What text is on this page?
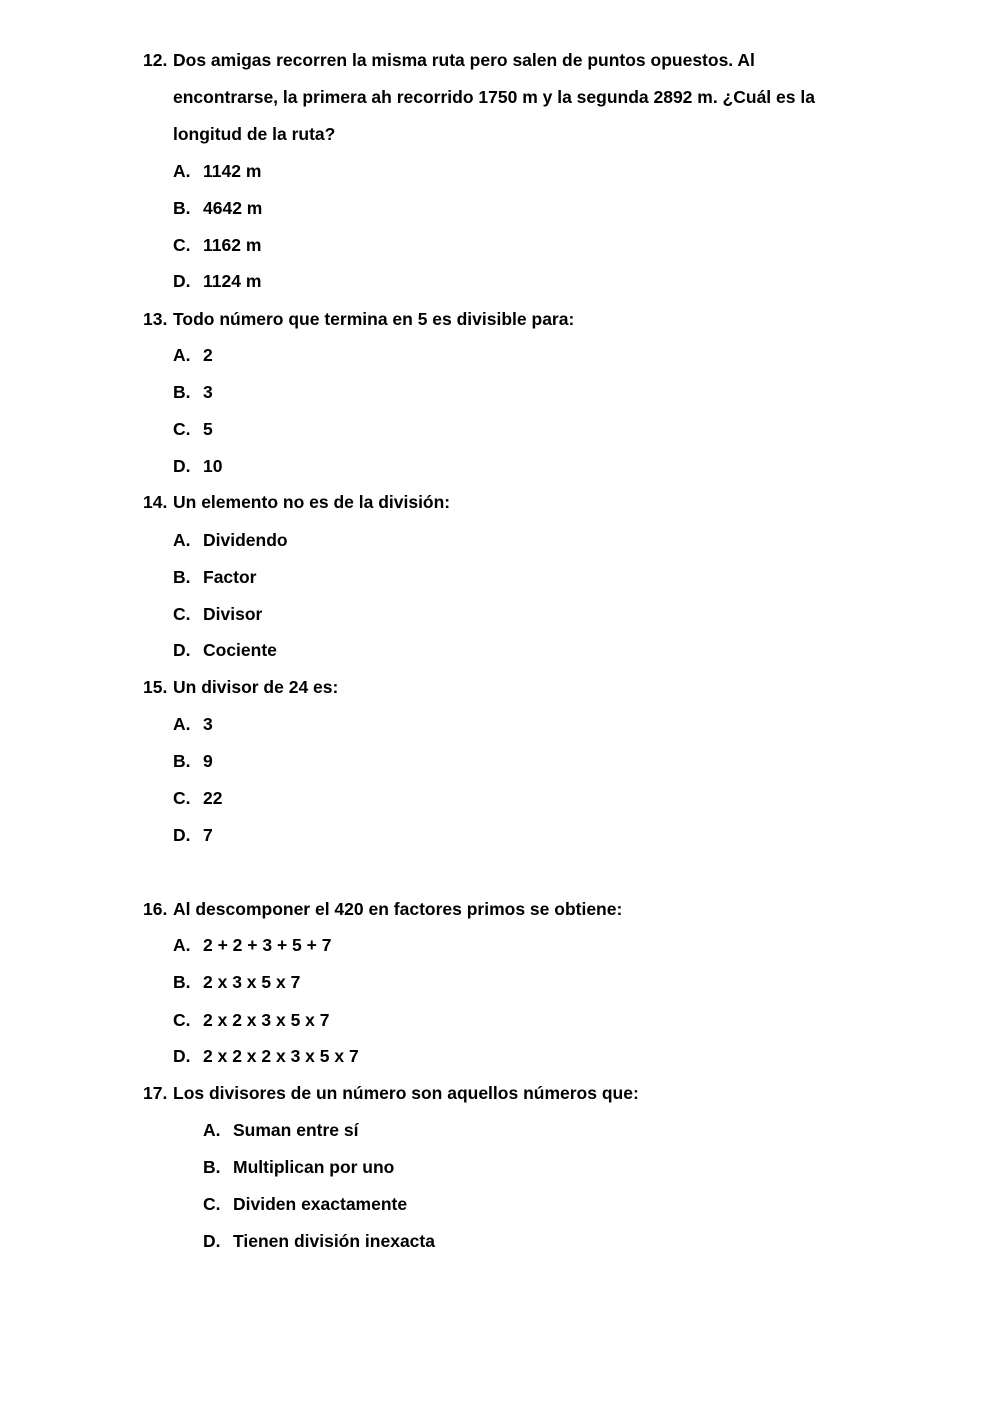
12. Dos amigas recorren la misma ruta pero salen de puntos opuestos. Al
encontrarse, la primera ah recorrido 1750 m y la segunda 2892 m. ¿Cuál es la
longitud de la ruta?
A. 1142 m
B. 4642 m
C. 1162 m
D. 1124 m
13. Todo número que termina en 5 es divisible para:
A. 2
B. 3
C. 5
D. 10
14. Un elemento no es de la división:
A. Dividendo
B. Factor
C. Divisor
D. Cociente
15. Un divisor de 24 es:
A. 3
B. 9
C. 22
D. 7
16. Al descomponer el 420 en factores primos se obtiene:
A. 2 + 2 + 3 + 5 + 7
B. 2 x 3 x 5 x 7
C. 2 x 2 x 3 x 5 x 7
D. 2 x 2 x 2 x 3 x 5 x 7
17. Los divisores de un número son aquellos números que:
A. Suman entre sí
B. Multiplican por uno
C. Dividen exactamente
D. Tienen división inexacta
